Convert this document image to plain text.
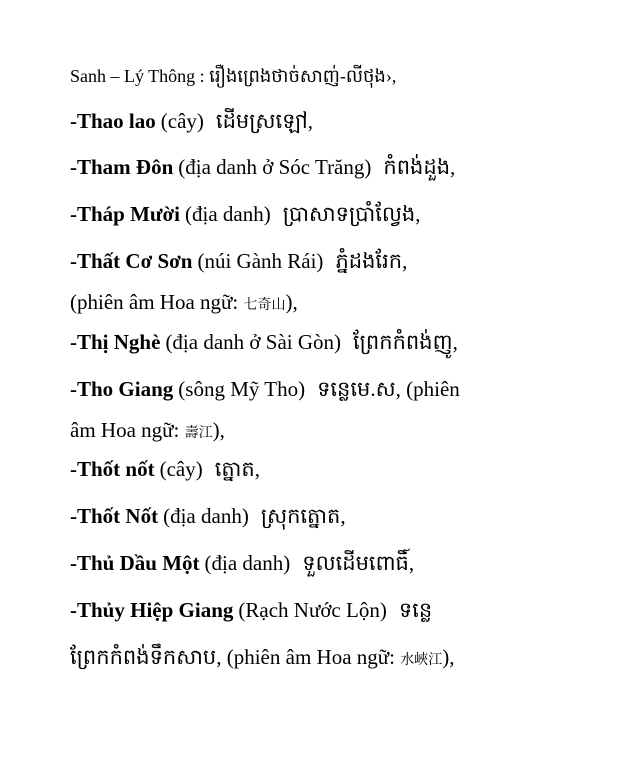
Sanh – Lý Thông : រឿងព្រេងថាច់សាញ់-លីថុង›,
-Thao lao (cây) ដើមស្រឡៅ,
-Tham Đôn (địa danh ở Sóc Trăng) កំពង់ដួង,
-Tháp Mười (địa danh) ប្រាសាទប្រាំល្វែង,
-Thất Cơ Sơn (núi Gành Rái) ភ្នំដងរែក,
(phiên âm Hoa ngữ: 七奇山),
-Thị Nghè (địa danh ở Sài Gòn) ព្រែកកំពង់ញូ,
-Tho Giang (sông Mỹ Tho) ទន្លេមេ.ស, (phiên
âm Hoa ngữ: 壽江),
-Thốt nốt (cây) ត្នោត,
-Thốt Nốt (địa danh) ស្រុកត្នោត,
-Thủ Dầu Một (địa danh) ទួលដើមពោធិ៍,
-Thủy Hiệp Giang (Rạch Nước Lộn) ទន្លេ
ព្រែកកំពង់ទឹកសាប, (phiên âm Hoa ngữ: 水峽江),
